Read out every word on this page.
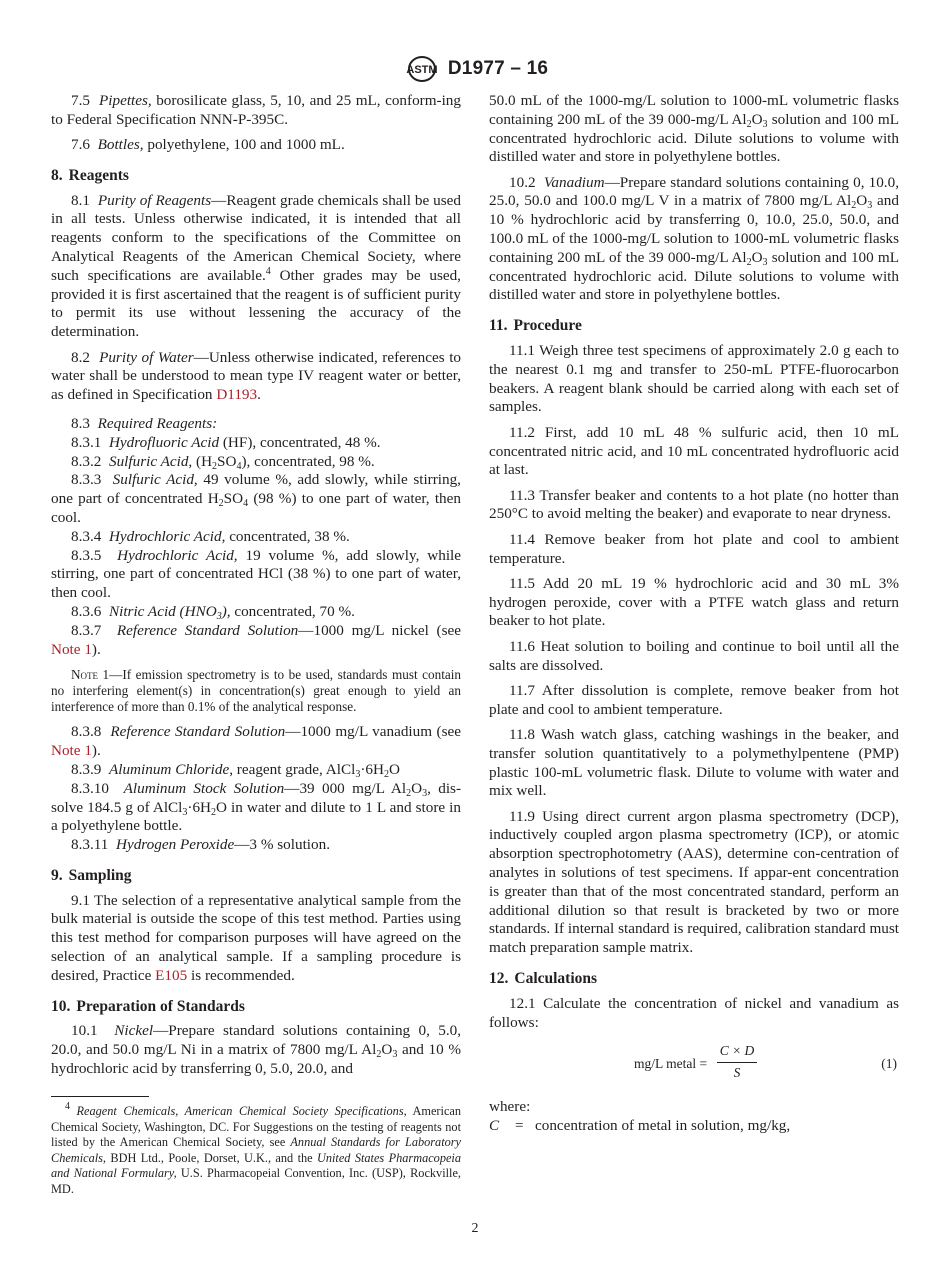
ASTM D1977 – 16

7.5 Pipettes, borosilicate glass, 5, 10, and 25 mL, conform-ing to Federal Specification NNN-P-395C.

7.6 Bottles, polyethylene, 100 and 1000 mL.

8. Reagents

8.1 Purity of Reagents—Reagent grade chemicals shall be used in all tests. Unless otherwise indicated, it is intended that all reagents conform to the specifications of the Committee on Analytical Reagents of the American Chemical Society, where such specifications are available.$^4$ Other grades may be used, provided it is first ascertained that the reagent is of sufficient purity to permit its use without lessening the accuracy of the determination.

8.2 Purity of Water—Unless otherwise indicated, references to water shall be understood to mean type IV reagent water or better, as defined in Specification D1193.

8.3 Required Reagents:

8.3.1 Hydrofluoric Acid (HF), concentrated, 48 %.

8.3.2 Sulfuric Acid, $(H_2SO_4)$, concentrated, 98 %.

8.3.3 Sulfuric Acid, 49 volume %, add slowly, while stirring, one part of concentrated $H_2SO_4$ (98 %) to one part of water, then cool.

8.3.4 Hydrochloric Acid, concentrated, 38 %.

8.3.5 Hydrochloric Acid, 19 volume %, add slowly, while stirring, one part of concentrated HCl (38 %) to one part of water, then cool.

8.3.6 Nitric Acid $(HNO_3)$, concentrated, 70 %.

8.3.7 Reference Standard Solution—1000 mg/L nickel (see Note 1).

Note 1—If emission spectrometry is to be used, standards must contain no interfering element(s) in concentration(s) great enough to yield an interference of more than 0.1% of the analytical response.

8.3.8 Reference Standard Solution—1000 mg/L vanadium (see Note 1).

8.3.9 Aluminum Chloride, reagent grade, $AlCl_3\cdot 6H_2O$

8.3.10 Aluminum Stock Solution—39 000 mg/L $Al_2O_3$, dis-solve 184.5 g of $AlCl_3\cdot 6H_2O$ in water and dilute to 1 L and store in a polyethylene bottle.

8.3.11 Hydrogen Peroxide—3 % solution.

9. Sampling

9.1 The selection of a representative analytical sample from the bulk material is outside the scope of this test method. Parties using this test method for comparison purposes will have agreed on the selection of an analytical sample. If a sampling procedure is desired, Practice E105 is recommended.

10. Preparation of Standards

10.1 Nickel—Prepare standard solutions containing 0, 5.0, 20.0, and 50.0 mg/L Ni in a matrix of 7800 mg/L $Al_2O_3$ and 10 % hydrochloric acid by transferring 0, 5.0, 20.0, and

$^4$ Reagent Chemicals, American Chemical Society Specifications, American Chemical Society, Washington, DC. For Suggestions on the testing of reagents not listed by the American Chemical Society, see Annual Standards for Laboratory Chemicals, BDH Ltd., Poole, Dorset, U.K., and the United States Pharmacopeia and National Formulary, U.S. Pharmacopeial Convention, Inc. (USP), Rockville, MD.

50.0 mL of the 1000-mg/L solution to 1000-mL volumetric flasks containing 200 mL of the 39 000-mg/L $Al_2O_3$ solution and 100 mL concentrated hydrochloric acid. Dilute solutions to volume with distilled water and store in polyethylene bottles.

10.2 Vanadium—Prepare standard solutions containing 0, 10.0, 25.0, 50.0 and 100.0 mg/L V in a matrix of 7800 mg/L $Al_2O_3$ and 10 % hydrochloric acid by transferring 0, 10.0, 25.0, 50.0, and 100.0 mL of the 1000-mg/L solution to 1000-mL volumetric flasks containing 200 mL of the 39 000-mg/L $Al_2O_3$ solution and 100 mL concentrated hydrochloric acid. Dilute solutions to volume with distilled water and store in polyethylene bottles.

11. Procedure

11.1 Weigh three test specimens of approximately 2.0 g each to the nearest 0.1 mg and transfer to 250-mL PTFE-fluorocarbon beakers. A reagent blank should be carried along with each set of samples.

11.2 First, add 10 mL 48 % sulfuric acid, then 10 mL concentrated nitric acid, and 10 mL concentrated hydrofluoric acid at last.

11.3 Transfer beaker and contents to a hot plate (no hotter than 250°C to avoid melting the beaker) and evaporate to near dryness.

11.4 Remove beaker from hot plate and cool to ambient temperature.

11.5 Add 20 mL 19 % hydrochloric acid and 30 mL 3% hydrogen peroxide, cover with a PTFE watch glass and return beaker to hot plate.

11.6 Heat solution to boiling and continue to boil until all the salts are dissolved.

11.7 After dissolution is complete, remove beaker from hot plate and cool to ambient temperature.

11.8 Wash watch glass, catching washings in the beaker, and transfer solution quantitatively to a polymethylpentene (PMP) plastic 100-mL volumetric flask. Dilute to volume with water and mix well.

11.9 Using direct current argon plasma spectrometry (DCP), inductively coupled argon plasma spectrometry (ICP), or atomic absorption spectrophotometry (AAS), determine con-centration of analytes in solutions of test specimens. If appar-ent concentration is greater than that of the most concentrated standard, perform an additional dilution so that result is bracketed by two or more standards. If internal standard is required, calibration standard must match preparation sample matrix.

12. Calculations

12.1 Calculate the concentration of nickel and vanadium as follows:

mg/L metal = $\frac{C \times D}{S}$	(1)

where:

C	= concentration of metal in solution, mg/kg,
2
